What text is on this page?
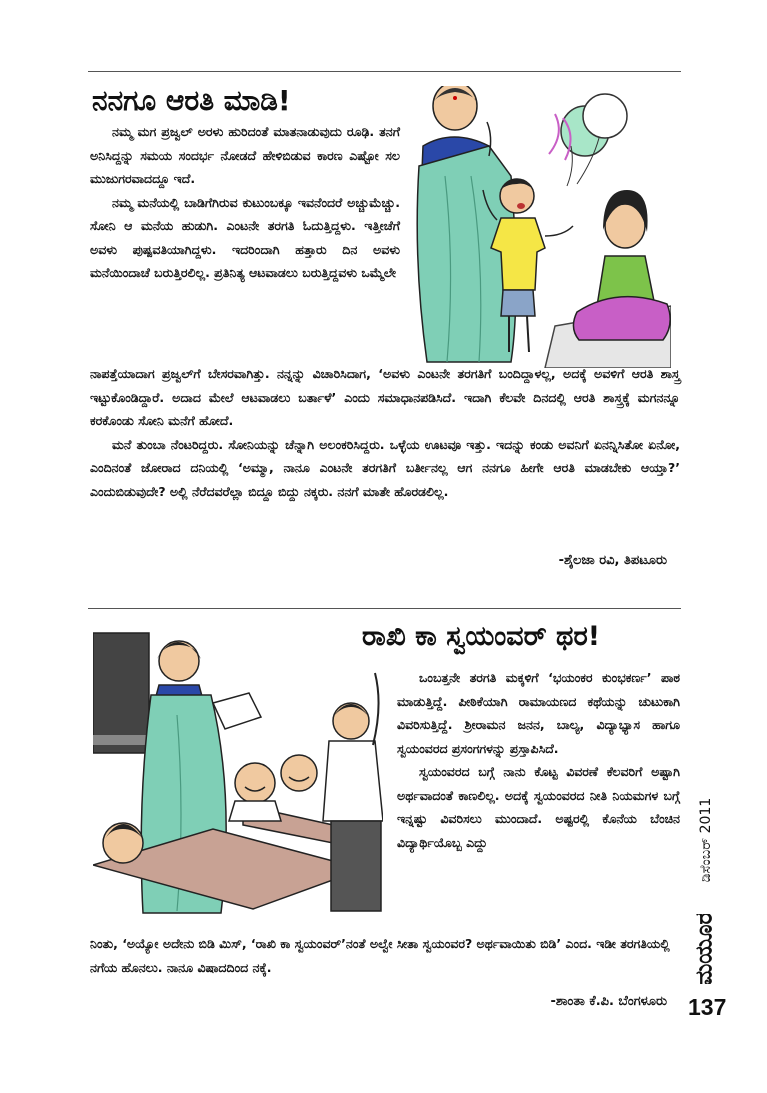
ನನಗೂ ಆರತಿ ಮಾಡಿ!

ನಮ್ಮ ಮಗ ಪ್ರಜ್ವಲ್ ಅರಳು ಹುರಿದಂತೆ ಮಾತನಾಡುವುದು ರೂಢಿ. ತನಗೆ ಅನಿಸಿದ್ದನ್ನು ಸಮಯ ಸಂದರ್ಭ ನೋಡದೆ ಹೇಳಿಬಿಡುವ ಕಾರಣ ಎಷ್ಟೋ ಸಲ ಮುಜುಗರವಾದದ್ದೂ ಇದೆ.

ನಮ್ಮ ಮನೆಯಲ್ಲಿ ಬಾಡಿಗೆಗಿರುವ ಕುಟುಂಬಕ್ಕೂ ಇವನೆಂದರೆ ಅಚ್ಚುಮೆಚ್ಚು. ಸೋನಿ ಆ ಮನೆಯ ಹುಡುಗಿ. ಎಂಟನೇ ತರಗತಿ ಓದುತ್ತಿದ್ದಳು. ಇತ್ತೀಚೆಗೆ ಅವಳು ಪುಷ್ಪವತಿಯಾಗಿದ್ದಳು. ಇದರಿಂದಾಗಿ ಹತ್ತಾರು ದಿನ ಅವಳು ಮನೆಯಿಂದಾಚೆ ಬರುತ್ತಿರಲಿಲ್ಲ. ಪ್ರತಿನಿತ್ಯ ಆಟವಾಡಲು ಬರುತ್ತಿದ್ದವಳು ಒಮ್ಮೆಲೇ

ನಾಪತ್ತೆಯಾದಾಗ ಪ್ರಜ್ವಲ್‌ಗೆ ಬೇಸರವಾಗಿತ್ತು. ನನ್ನನ್ನು ವಿಚಾರಿಸಿದಾಗ, ‘ಅವಳು ಎಂಟನೇ ತರಗತಿಗೆ ಬಂದಿದ್ದಾಳಲ್ಲ, ಅದಕ್ಕೆ ಅವಳಿಗೆ ಆರತಿ ಶಾಸ್ತ್ರ ಇಟ್ಟುಕೊಂಡಿದ್ದಾರೆ. ಅದಾದ ಮೇಲೆ ಆಟವಾಡಲು ಬರ್ತಾಳೆ’ ಎಂದು ಸಮಾಧಾನಪಡಿಸಿದೆ. ಇದಾಗಿ ಕೆಲವೇ ದಿನದಲ್ಲಿ ಆರತಿ ಶಾಸ್ತ್ರಕ್ಕೆ ಮಗನನ್ನೂ ಕರಕೊಂಡು ಸೋನಿ ಮನೆಗೆ ಹೋದೆ.

ಮನೆ ತುಂಬಾ ನೆಂಟರಿದ್ದರು. ಸೋನಿಯನ್ನು ಚೆನ್ನಾಗಿ ಅಲಂಕರಿಸಿದ್ದರು. ಒಳ್ಳೆಯ ಊಟವೂ ಇತ್ತು. ಇದನ್ನು ಕಂಡು ಅವನಿಗೆ ಏನನ್ನಿಸಿತೋ ಏನೋ, ಎಂದಿನಂತೆ ಜೋರಾದ ದನಿಯಲ್ಲಿ ‘ಅಮ್ಮಾ, ನಾನೂ ಎಂಟನೇ ತರಗತಿಗೆ ಬರ್ತೀನಲ್ಲ ಆಗ ನನಗೂ ಹೀಗೇ ಆರತಿ ಮಾಡಬೇಕು ಆಯ್ತಾ?’ ಎಂದುಬಿಡುವುದೇ? ಅಲ್ಲಿ ನೆರೆದವರೆಲ್ಲಾ ಬಿದ್ದೂ ಬಿದ್ದು ನಕ್ಕರು. ನನಗೆ ಮಾತೇ ಹೊರಡಲಿಲ್ಲ.

-ಶೈಲಜಾ ರವಿ, ತಿಪಟೂರು
ರಾಖಿ ಕಾ ಸ್ವಯಂವರ್ ಥರ!

ಒಂಬತ್ತನೇ ತರಗತಿ ಮಕ್ಕಳಿಗೆ ‘ಭಯಂಕರ ಕುಂಭಕರ್ಣ’ ಪಾಠ ಮಾಡುತ್ತಿದ್ದೆ. ಪೀಠಿಕೆಯಾಗಿ ರಾಮಾಯಣದ ಕಥೆಯನ್ನು ಚುಟುಕಾಗಿ ವಿವರಿಸುತ್ತಿದ್ದೆ. ಶ್ರೀರಾಮನ ಜನನ, ಬಾಲ್ಯ, ವಿದ್ಯಾಭ್ಯಾಸ ಹಾಗೂ ಸ್ವಯಂವರದ ಪ್ರಸಂಗಗಳನ್ನು ಪ್ರಸ್ತಾಪಿಸಿದೆ.

ಸ್ವಯಂವರದ ಬಗ್ಗೆ ನಾನು ಕೊಟ್ಟ ವಿವರಣೆ ಕೆಲವರಿಗೆ ಅಷ್ಟಾಗಿ ಅರ್ಥವಾದಂತೆ ಕಾಣಲಿಲ್ಲ. ಅದಕ್ಕೆ ಸ್ವಯಂವರದ ನೀತಿ ನಿಯಮಗಳ ಬಗ್ಗೆ ಇನ್ನಷ್ಟು ವಿವರಿಸಲು ಮುಂದಾದೆ. ಅಷ್ಟರಲ್ಲಿ ಕೊನೆಯ ಬೆಂಚಿನ ವಿದ್ಯಾರ್ಥಿಯೊಬ್ಬ ಎದ್ದು

ನಿಂತು, ‘ಅಯ್ಯೋ ಅದೇನು ಬಿಡಿ ಮಿಸ್, ‘ರಾಖಿ ಕಾ ಸ್ವಯಂವರ್’ನಂತೆ ಅಲ್ವೇ ಸೀತಾ ಸ್ವಯಂವರ? ಅರ್ಥವಾಯಿತು ಬಿಡಿ’ ಎಂದ. ಇಡೀ ತರಗತಿಯಲ್ಲಿ ನಗೆಯ ಹೊನಲು. ನಾನೂ ವಿಷಾದದಿಂದ ನಕ್ಕೆ.

-ಶಾಂತಾ ಕೆ.ಪಿ. ಬೆಂಗಳೂರು
ಡಿಸೆಂಬರ್ 2011
ಮಯೂರ
137
